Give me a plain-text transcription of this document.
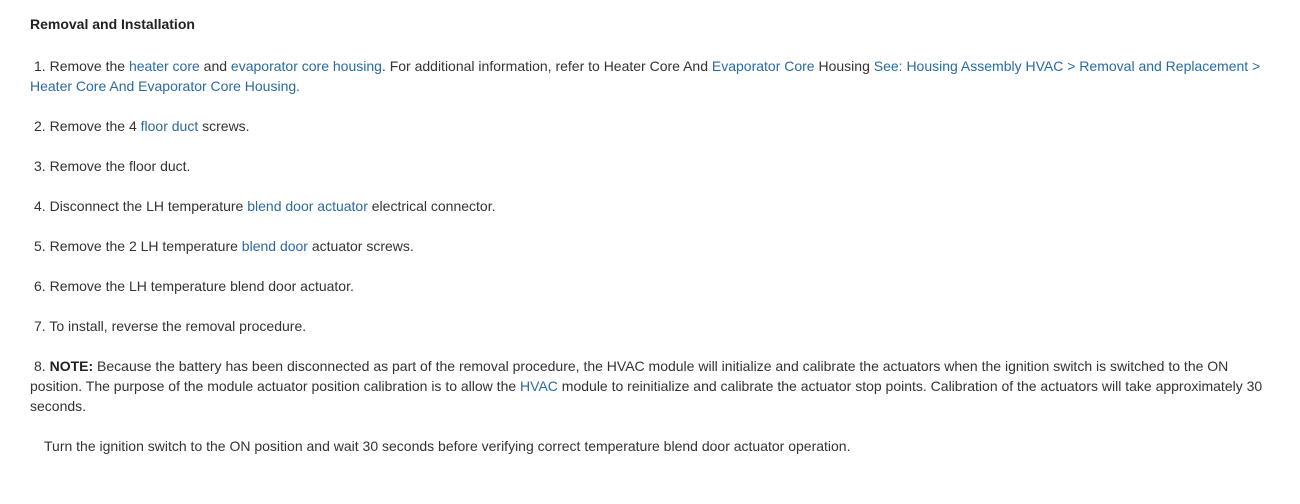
Removal and Installation

1. Remove the heater core and evaporator core housing. For additional information, refer to Heater Core And Evaporator Core Housing See: Housing Assembly HVAC > Removal and Replacement > Heater Core And Evaporator Core Housing.

2. Remove the 4 floor duct screws.

3. Remove the floor duct.

4. Disconnect the LH temperature blend door actuator electrical connector.

5. Remove the 2 LH temperature blend door actuator screws.

6. Remove the LH temperature blend door actuator.

7. To install, reverse the removal procedure.

8. NOTE: Because the battery has been disconnected as part of the removal procedure, the HVAC module will initialize and calibrate the actuators when the ignition switch is switched to the ON position. The purpose of the module actuator position calibration is to allow the HVAC module to reinitialize and calibrate the actuator stop points. Calibration of the actuators will take approximately 30 seconds.

Turn the ignition switch to the ON position and wait 30 seconds before verifying correct temperature blend door actuator operation.
